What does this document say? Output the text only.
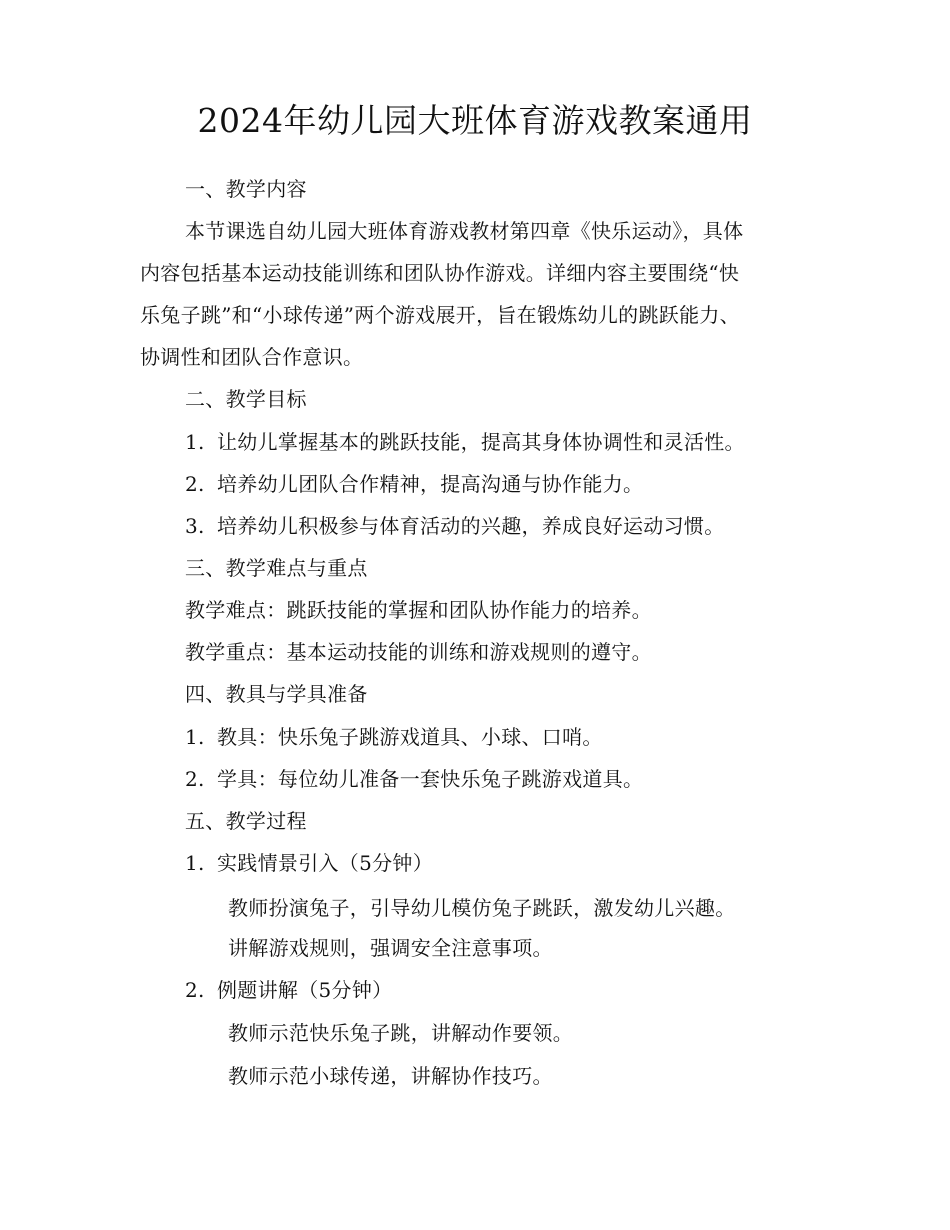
2024年幼儿园大班体育游戏教案通用
一、教学内容
本节课选自幼儿园大班体育游戏教材第四章《快乐运动》，具体
内容包括基本运动技能训练和团队协作游戏。详细内容主要围绕“快
乐兔子跳”和“小球传递”两个游戏展开，旨在锻炼幼儿的跳跃能力、
协调性和团队合作意识。
二、教学目标
1. 让幼儿掌握基本的跳跃技能，提高其身体协调性和灵活性。
2. 培养幼儿团队合作精神，提高沟通与协作能力。
3. 培养幼儿积极参与体育活动的兴趣，养成良好运动习惯。
三、教学难点与重点
教学难点：跳跃技能的掌握和团队协作能力的培养。
教学重点：基本运动技能的训练和游戏规则的遵守。
四、教具与学具准备
1. 教具：快乐兔子跳游戏道具、小球、口哨。
2. 学具：每位幼儿准备一套快乐兔子跳游戏道具。
五、教学过程
1. 实践情景引入（5分钟）
教师扮演兔子，引导幼儿模仿兔子跳跃，激发幼儿兴趣。
讲解游戏规则，强调安全注意事项。
2. 例题讲解（5分钟）
教师示范快乐兔子跳，讲解动作要领。
教师示范小球传递，讲解协作技巧。
